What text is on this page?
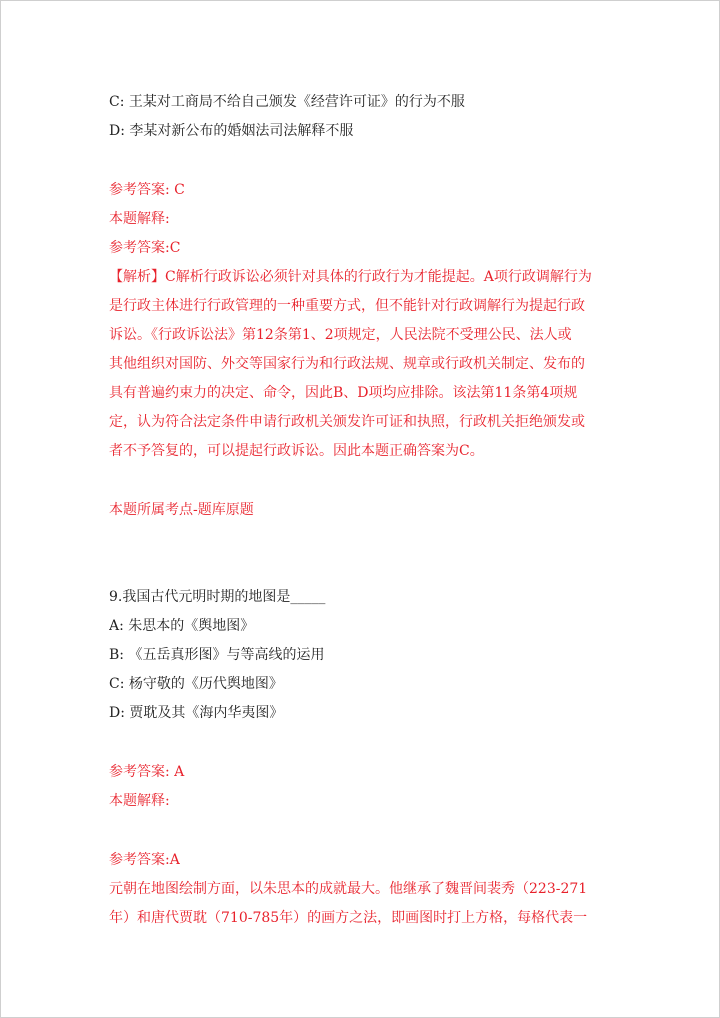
C: 王某对工商局不给自己颁发《经营许可证》的行为不服
D: 李某对新公布的婚姻法司法解释不服
参考答案: C
本题解释:
参考答案:C
【解析】C解析行政诉讼必须针对具体的行政行为才能提起。A项行政调解行为
是行政主体进行行政管理的一种重要方式，但不能针对行政调解行为提起行政
诉讼。《行政诉讼法》第12条第1、2项规定，人民法院不受理公民、法人或
其他组织对国防、外交等国家行为和行政法规、规章或行政机关制定、发布的
具有普遍约束力的决定、命令，因此B、D项均应排除。该法第11条第4项规
定，认为符合法定条件申请行政机关颁发许可证和执照，行政机关拒绝颁发或
者不予答复的，可以提起行政诉讼。因此本题正确答案为C。
本题所属考点-题库原题
9.我国古代元明时期的地图是_____
A: 朱思本的《舆地图》
B: 《五岳真形图》与等高线的运用
C: 杨守敬的《历代舆地图》
D: 贾耽及其《海内华夷图》
参考答案: A
本题解释:
参考答案:A
元朝在地图绘制方面，以朱思本的成就最大。他继承了魏晋间裴秀（223-271
年）和唐代贾耽（710-785年）的画方之法，即画图时打上方格，每格代表一
